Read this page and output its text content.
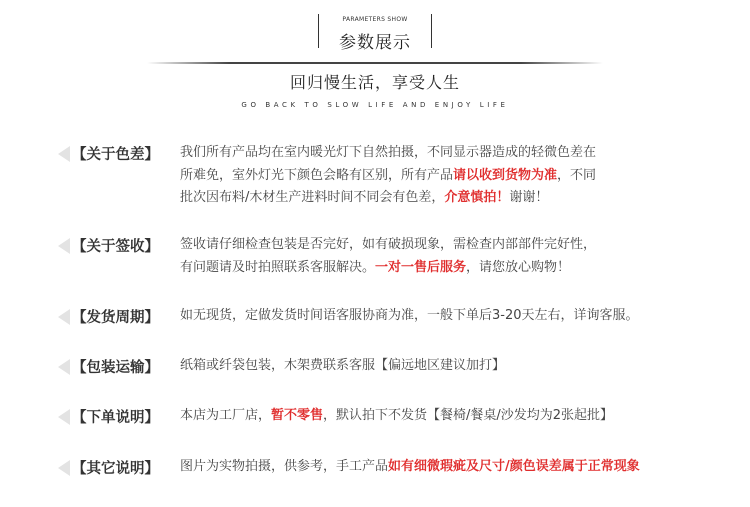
PARAMETERS SHOW
参数展示
回归慢生活，享受人生
GO BACK TO SLOW LIFE AND ENJOY LIFE
【关于色差】	我们所有产品均在室内暖光灯下自然拍摄，不同显示器造成的轻微色差在
所难免，室外灯光下颜色会略有区别，所有产品请以收到货物为准，不同
批次因布料/木材生产进料时间不同会有色差，介意慎拍！谢谢！
【关于签收】	签收请仔细检查包装是否完好，如有破损现象，需检查内部部件完好性，
有问题请及时拍照联系客服解决。一对一售后服务，请您放心购物！
【发货周期】	如无现货，定做发货时间语客服协商为准，一般下单后3-20天左右，详询客服。
【包装运输】	纸箱或纤袋包装，木架费联系客服【偏远地区建议加打】
【下单说明】	本店为工厂店，暂不零售，默认拍下不发货【餐椅/餐桌/沙发均为2张起批】
【其它说明】	图片为实物拍摄，供参考，手工产品如有细微瑕疵及尺寸/颜色误差属于正常现象
